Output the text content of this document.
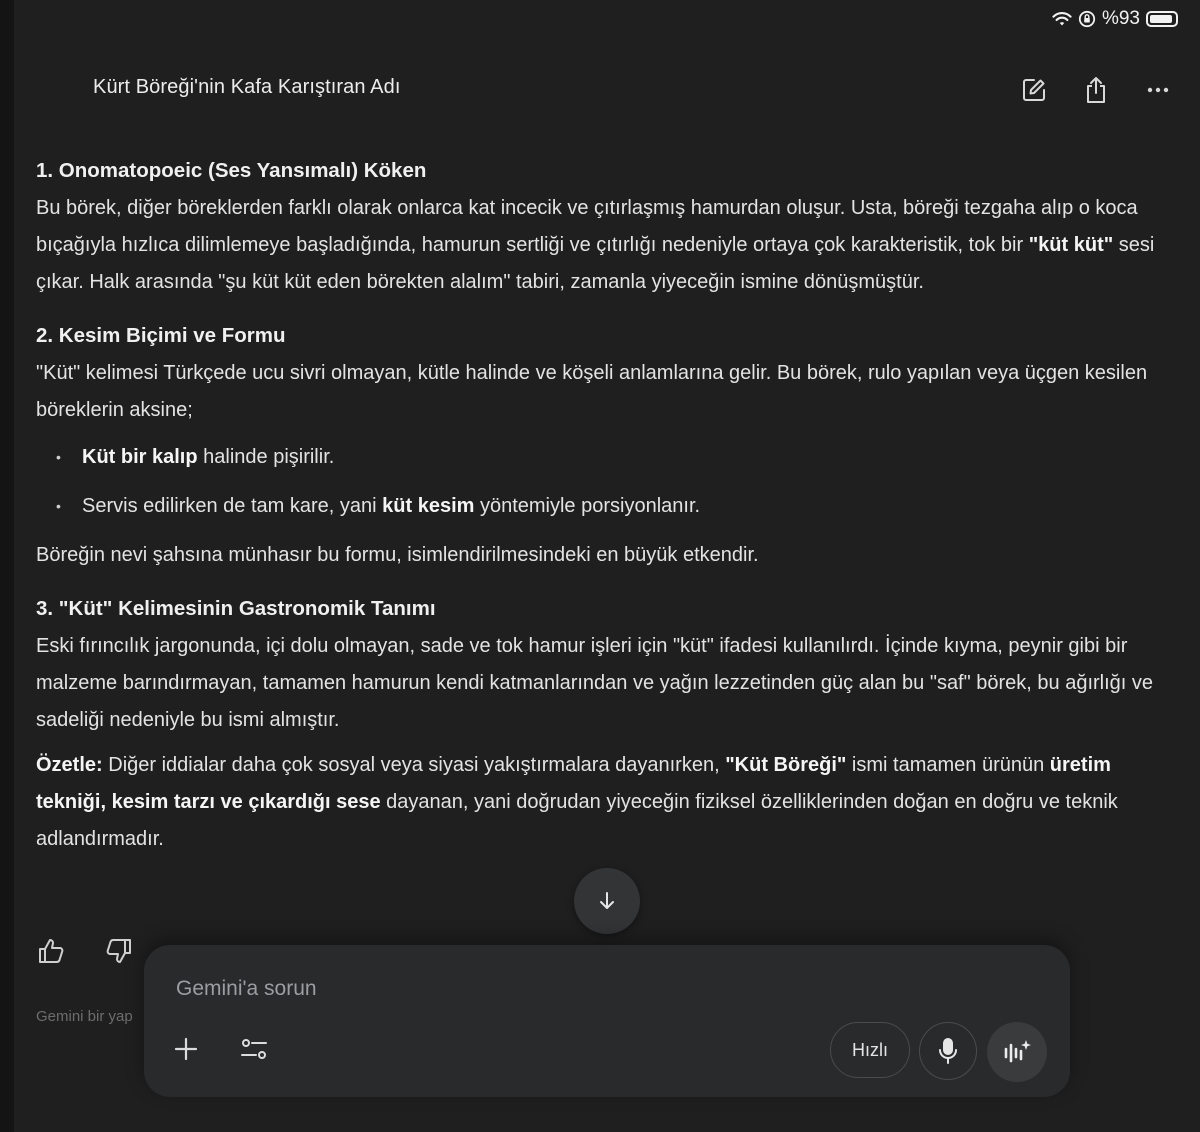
%93
Kürt Böreği'nin Kafa Karıştıran Adı
1. Onomatopoeic (Ses Yansımalı) Köken

Bu börek, diğer böreklerden farklı olarak onlarca kat incecik ve çıtırlaşmış hamurdan oluşur. Usta, böreği tezgaha alıp o koca bıçağıyla hızlıca dilimlemeye başladığında, hamurun sertliği ve çıtırlığı nedeniyle ortaya çok karakteristik, tok bir "küt küt" sesi çıkar. Halk arasında "şu küt küt eden börekten alalım" tabiri, zamanla yiyeceğin ismine dönüşmüştür.

2. Kesim Biçimi ve Formu

"Küt" kelimesi Türkçede ucu sivri olmayan, kütle halinde ve köşeli anlamlarına gelir. Bu börek, rulo yapılan veya üçgen kesilen böreklerin aksine;

• Küt bir kalıp halinde pişirilir.
• Servis edilirken de tam kare, yani küt kesim yöntemiyle porsiyonlanır.

Böreğin nevi şahsına münhasır bu formu, isimlendirilmesindeki en büyük etkendir.

3. "Küt" Kelimesinin Gastronomik Tanımı

Eski fırıncılık jargonunda, içi dolu olmayan, sade ve tok hamur işleri için "küt" ifadesi kullanılırdı. İçinde kıyma, peynir gibi bir malzeme barındırmayan, tamamen hamurun kendi katmanlarından ve yağın lezzetinden güç alan bu "saf" börek, bu ağırlığı ve sadeliği nedeniyle bu ismi almıştır.

Özetle: Diğer iddialar daha çok sosyal veya siyasi yakıştırmalara dayanırken, "Küt Böreği" ismi tamamen ürünün üretim tekniği, kesim tarzı ve çıkardığı sese dayanan, yani doğrudan yiyeceğin fiziksel özelliklerinden doğan en doğru ve teknik adlandırmadır.

Gemini bir yap
Gemini'a sorun
Hızlı
